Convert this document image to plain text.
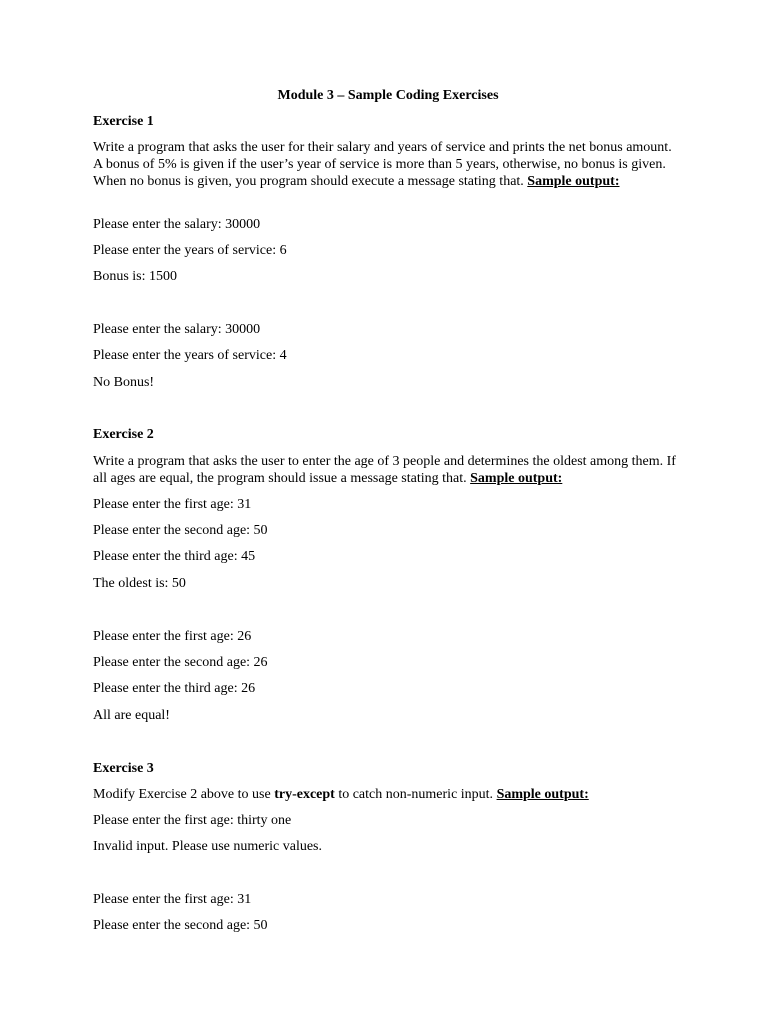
Module 3 – Sample Coding Exercises
Exercise 1
Write a program that asks the user for their salary and years of service and prints the net bonus amount. A bonus of 5% is given if the user’s year of service is more than 5 years, otherwise, no bonus is given. When no bonus is given, you program should execute a message stating that. Sample output:
Please enter the salary: 30000
Please enter the years of service: 6
Bonus is: 1500
Please enter the salary: 30000
Please enter the years of service: 4
No Bonus!
Exercise 2
Write a program that asks the user to enter the age of 3 people and determines the oldest among them. If all ages are equal, the program should issue a message stating that. Sample output:
Please enter the first age: 31
Please enter the second age: 50
Please enter the third age: 45
The oldest is: 50
Please enter the first age: 26
Please enter the second age: 26
Please enter the third age: 26
All are equal!
Exercise 3
Modify Exercise 2 above to use try-except to catch non-numeric input. Sample output:
Please enter the first age: thirty one
Invalid input. Please use numeric values.
Please enter the first age: 31
Please enter the second age: 50
